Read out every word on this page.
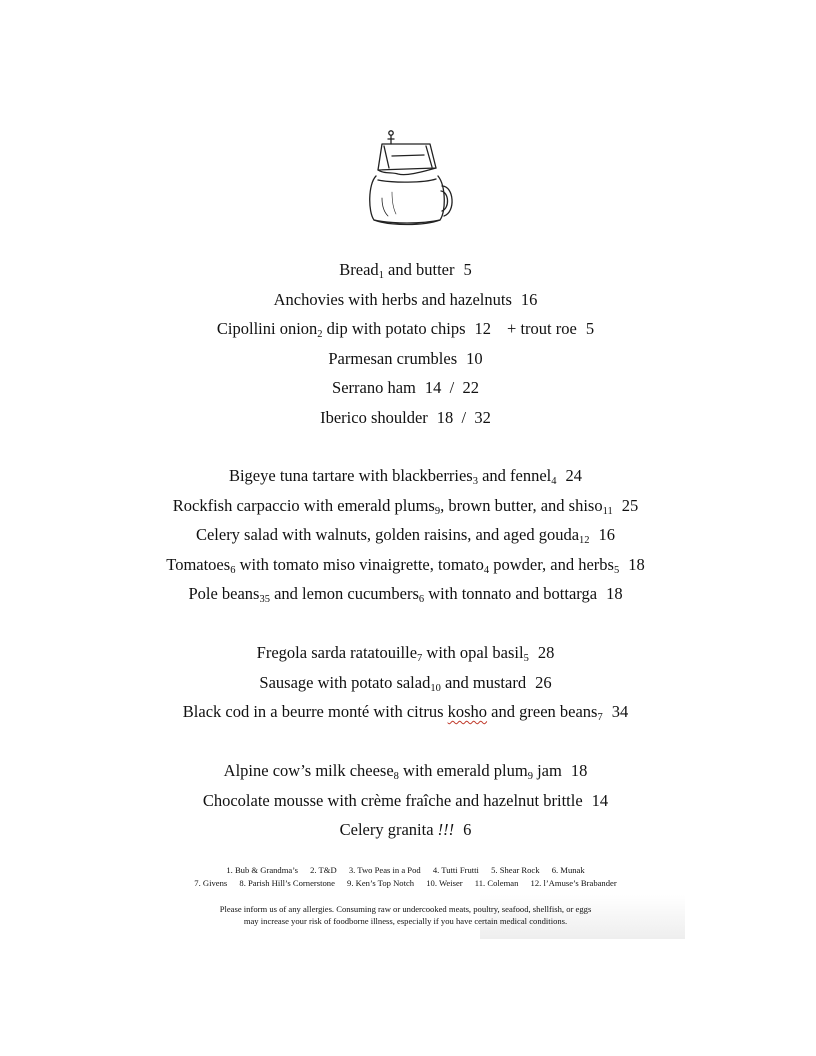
Bread$_1$ and butter 5
Anchovies with herbs and hazelnuts 16
Cipollini onion$_2$ dip with potato chips 12 + trout roe 5
Parmesan crumbles 10
Serrano ham 14  /  22
Iberico shoulder 18  /  32
Bigeye tuna tartare with blackberries$_3$ and fennel$_4$ 24
Rockfish carpaccio with emerald plums$_9$, brown butter, and shiso$_{11}$ 25
Celery salad with walnuts, golden raisins, and aged gouda$_{12}$ 16
Tomatoes$_6$ with tomato miso vinaigrette, tomato$_4$ powder, and herbs$_5$ 18
Pole beans$_{35}$ and lemon cucumbers$_6$ with tonnato and bottarga 18
Fregola sarda ratatouille$_7$ with opal basil$_5$ 28
Sausage with potato salad$_{10}$ and mustard 26
Black cod in a beurre monté with citrus kosho and green beans$_7$ 34
Alpine cow’s milk cheese$_8$ with emerald plum$_9$ jam 18
Chocolate mousse with crème fraîche and hazelnut brittle 14
Celery granita !!! 6
1. Bub & Grandma’s 2. T&D 3. Two Peas in a Pod 4. Tutti Frutti 5. Shear Rock 6. Munak
7. Givens 8. Parish Hill’s Cornerstone 9. Ken’s Top Notch 10. Weiser 11. Coleman 12. l’Amuse’s Brabander
Please inform us of any allergies. Consuming raw or undercooked meats, poultry, seafood, shellfish, or eggs
may increase your risk of foodborne illness, especially if you have certain medical conditions.
